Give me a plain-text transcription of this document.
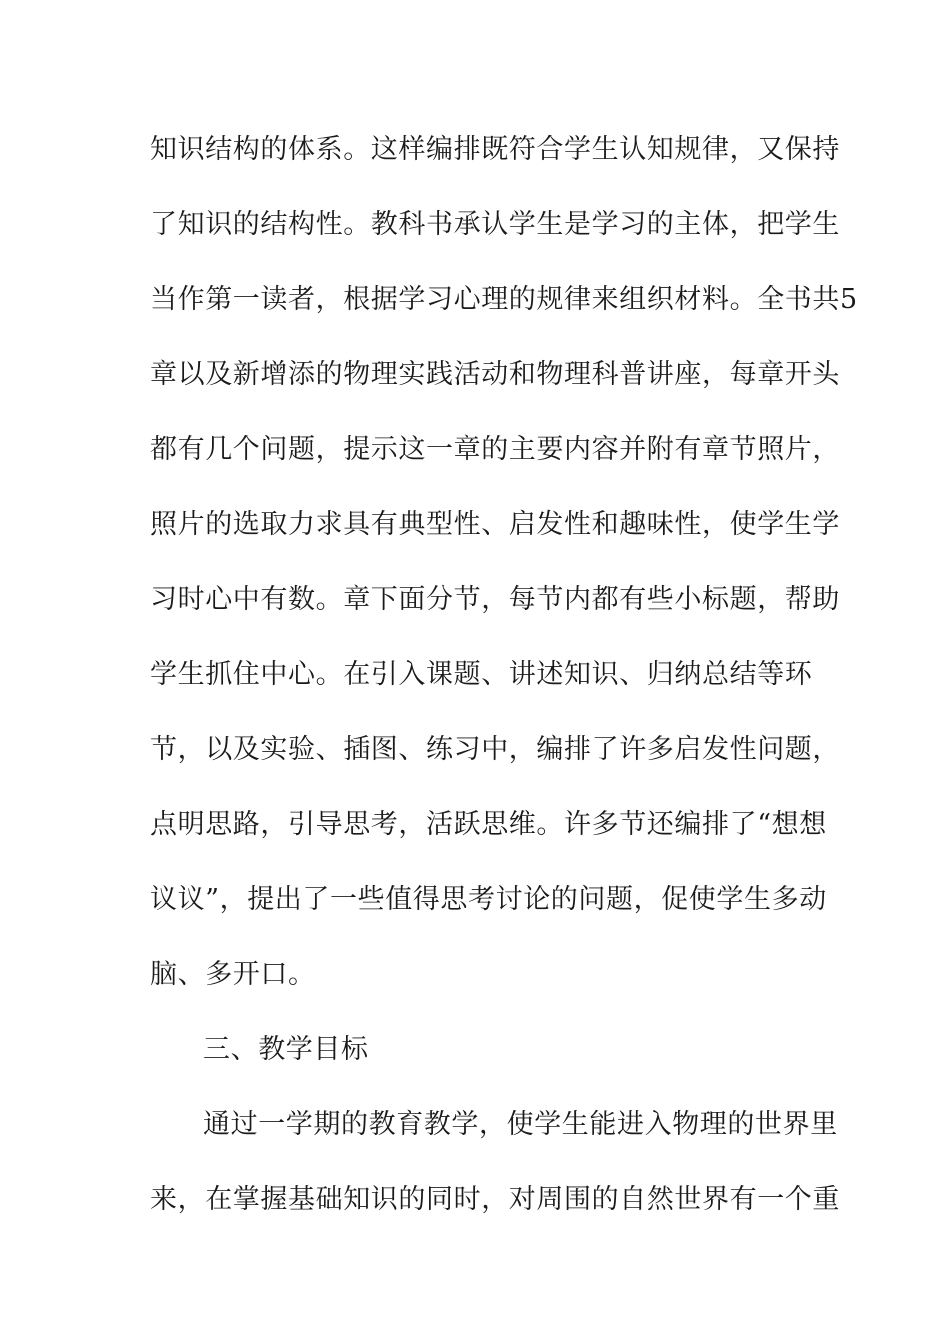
知识结构的体系。这样编排既符合学生认知规律，又保持
了知识的结构性。教科书承认学生是学习的主体，把学生
当作第一读者，根据学习心理的规律来组织材料。全书共5
章以及新增添的物理实践活动和物理科普讲座，每章开头
都有几个问题，提示这一章的主要内容并附有章节照片，
照片的选取力求具有典型性、启发性和趣味性，使学生学
习时心中有数。章下面分节，每节内都有些小标题，帮助
学生抓住中心。在引入课题、讲述知识、归纳总结等环
节，以及实验、插图、练习中，编排了许多启发性问题，
点明思路，引导思考，活跃思维。许多节还编排了“想想
议议”，提出了一些值得思考讨论的问题，促使学生多动
脑、多开口。
三、教学目标
通过一学期的教育教学，使学生能进入物理的世界里
来，在掌握基础知识的同时，对周围的自然世界有一个重
